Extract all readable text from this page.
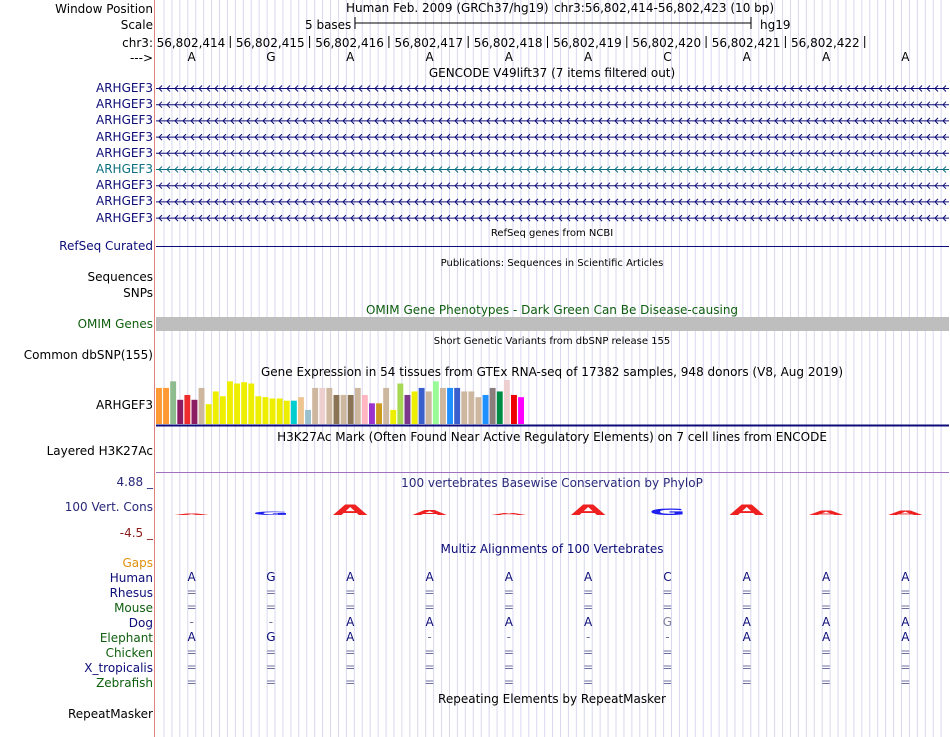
A	G	A	A	A	A	G	A	A	A
Window Position
Scale
chr3:
--->
Human Feb. 2009 (GRCh37/hg19) chr3:56,802,414-56,802,423 (10 bp)
5 bases	hg19
56,802,414 56,802,415 56,802,416 56,802,417 56,802,418 56,802,419 56,802,420 56,802,421 56,802,422
A	G	A	A	A	A	C	A	A	A
GENCODE V49lift37 (7 items filtered out)
ARHGEF3
ARHGEF3
ARHGEF3
ARHGEF3
ARHGEF3
ARHGEF3
ARHGEF3
ARHGEF3
ARHGEF3
RefSeq genes from NCBI
RefSeq Curated
Publications: Sequences in Scientific Articles
Sequences
SNPs
OMIM Gene Phenotypes - Dark Green Can Be Disease-causing
OMIM Genes
Short Genetic Variants from dbSNP release 155
Common dbSNP(155)
Gene Expression in 54 tissues from GTEx RNA-seq of 17382 samples, 948 donors (V8, Aug 2019)
ARHGEF3
H3K27Ac Mark (Often Found Near Active Regulatory Elements) on 7 cell lines from ENCODE
Layered H3K27Ac
100 vertebrates Basewise Conservation by PhyloP
4.88 _
100 Vert. Cons
-4.5 _
Multiz Alignments of 100 Vertebrates
Gaps
Human	A	G	A	A	A	A	C	A	A	A
Rhesus	=	=	=	=	=	=	=	=	=	=
Mouse	=	=	=	=	=	=	=	=	=	=
Dog	-	-	A	A	A	A	G	A	A	A
Elephant	A	G	A	-	-	-	-	A	A	A
Chicken	=	=	=	=	=	=	=	=	=	=
X_tropicalis	=	=	=	=	=	=	=	=	=	=
Zebrafish	=	=	=	=	=	=	=	=	=	=
Repeating Elements by RepeatMasker
RepeatMasker
